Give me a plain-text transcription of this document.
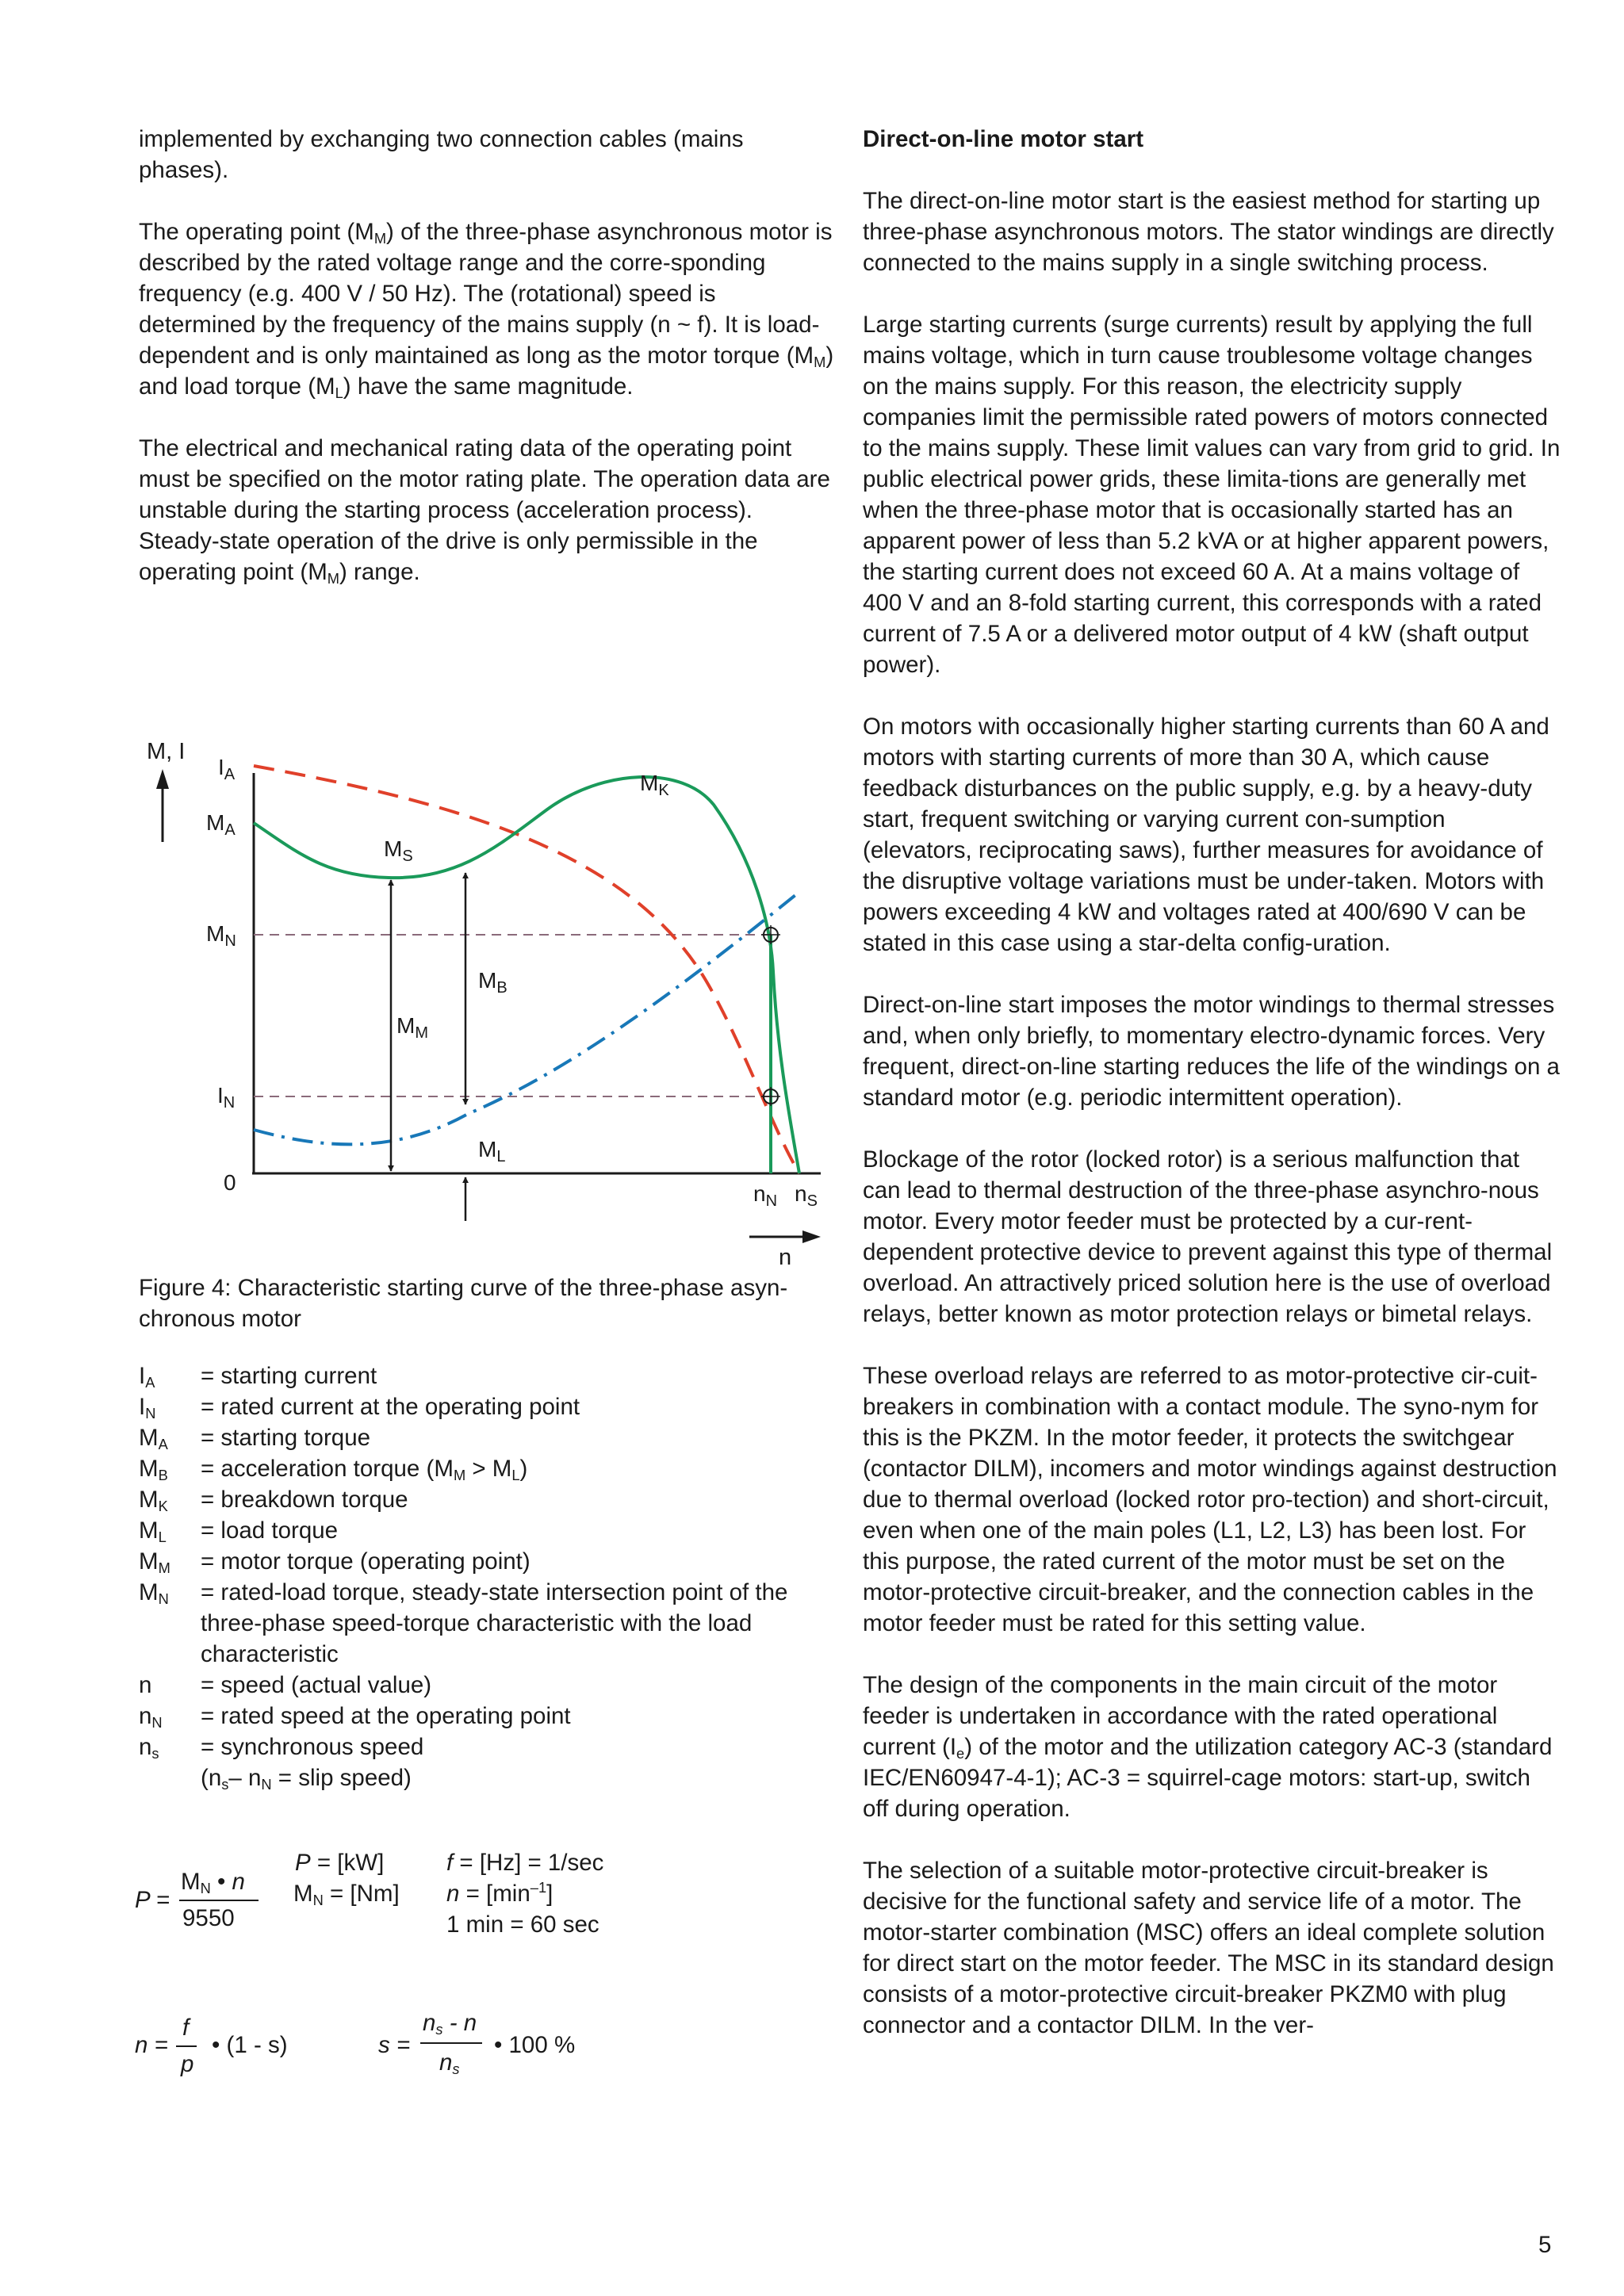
implemented by exchanging two connection cables (mains phases).

The operating point $(M_M)$ of the three-phase asynchronous motor is described by the rated voltage range and the corre-sponding frequency (e.g. 400 V / 50 Hz). The (rotational) speed is determined by the frequency of the mains supply (n ~ f). It is load-dependent and is only maintained as long as the motor torque $(M_M)$ and load torque $(M_L)$ have the same magnitude.

The electrical and mechanical rating data of the operating point must be specified on the motor rating plate. The operation data are unstable during the starting process (acceleration process). Steady-state operation of the drive is only permissible in the operating point $(M_M)$ range.

M, I
n
0
$I_A$
$M_A$
$M_N$
$I_N$
$M_K$
$M_S$
$M_B$
$M_M$
$M_L$
$n_N$ $n_S$
Figure 4: Characteristic starting curve of the three-phase asyn-chronous motor
$I_A$	= starting current
$I_N$	= rated current at the operating point
$M_A$	= starting torque
$M_B$	= acceleration torque $(M_M > M_L)$
$M_K$	= breakdown torque
$M_L$	= load torque
$M_M$	= motor torque (operating point)
$M_N$	= rated-load torque, steady-state intersection point of the
three-phase speed-torque characteristic with the load
characteristic
n	= speed (actual value)
$n_N$	= rated speed at the operating point
$n_s$	= synchronous speed
($n_s-$ $n_N$ = slip speed)
P =
$M_N$ • n
9550
P = [kW]
$M_N = [Nm]$
f = [Hz] = 1/sec
$n = [\min^{-1}]$
1 min = 60 sec
n =
f
p
• (1 - s)	s =
$n_s$ - n
$n_s$
• 100 %

Direct-on-line motor start

The direct-on-line motor start is the easiest method for starting up three-phase asynchronous motors. The stator windings are directly connected to the mains supply in a single switching process.

Large starting currents (surge currents) result by applying the full mains voltage, which in turn cause troublesome voltage changes on the mains supply. For this reason, the electricity supply companies limit the permissible rated powers of motors connected to the mains supply. These limit values can vary from grid to grid. In public electrical power grids, these limita-tions are generally met when the three-phase motor that is occasionally started has an apparent power of less than 5.2 kVA or at higher apparent powers, the starting current does not exceed 60 A. At a mains voltage of 400 V and an 8-fold starting current, this corresponds with a rated current of 7.5 A or a delivered motor output of 4 kW (shaft output power).

On motors with occasionally higher starting currents than 60 A and motors with starting currents of more than 30 A, which cause feedback disturbances on the public supply, e.g. by a heavy-duty start, frequent switching or varying current con-sumption (elevators, reciprocating saws), further measures for avoidance of the disruptive voltage variations must be under-taken. Motors with powers exceeding 4 kW and voltages rated at 400/690 V can be stated in this case using a star-delta config-uration.

Direct-on-line start imposes the motor windings to thermal stresses and, when only briefly, to momentary electro-dynamic forces. Very frequent, direct-on-line starting reduces the life of the windings on a standard motor (e.g. periodic intermittent operation).

Blockage of the rotor (locked rotor) is a serious malfunction that can lead to thermal destruction of the three-phase asynchro-nous motor. Every motor feeder must be protected by a cur-rent-dependent protective device to prevent against this type of thermal overload. An attractively priced solution here is the use of overload relays, better known as motor protection relays or bimetal relays.

These overload relays are referred to as motor-protective cir-cuit-breakers in combination with a contact module. The syno-nym for this is the PKZM. In the motor feeder, it protects the switchgear (contactor DILM), incomers and motor windings against destruction due to thermal overload (locked rotor pro-tection) and short-circuit, even when one of the main poles (L1, L2, L3) has been lost. For this purpose, the rated current of the motor must be set on the motor-protective circuit-breaker, and the connection cables in the motor feeder must be rated for this setting value.

The design of the components in the main circuit of the motor feeder is undertaken in accordance with the rated operational current $(I_e)$ of the motor and the utilization category AC-3 (standard IEC/EN60947-4-1); AC-3 = squirrel-cage motors: start-up, switch off during operation.

The selection of a suitable motor-protective circuit-breaker is decisive for the functional safety and service life of a motor. The motor-starter combination (MSC) offers an ideal complete solution for direct start on the motor feeder. The MSC in its standard design consists of a motor-protective circuit-breaker PKZM0 with plug connector and a contactor DILM. In the ver-

5
